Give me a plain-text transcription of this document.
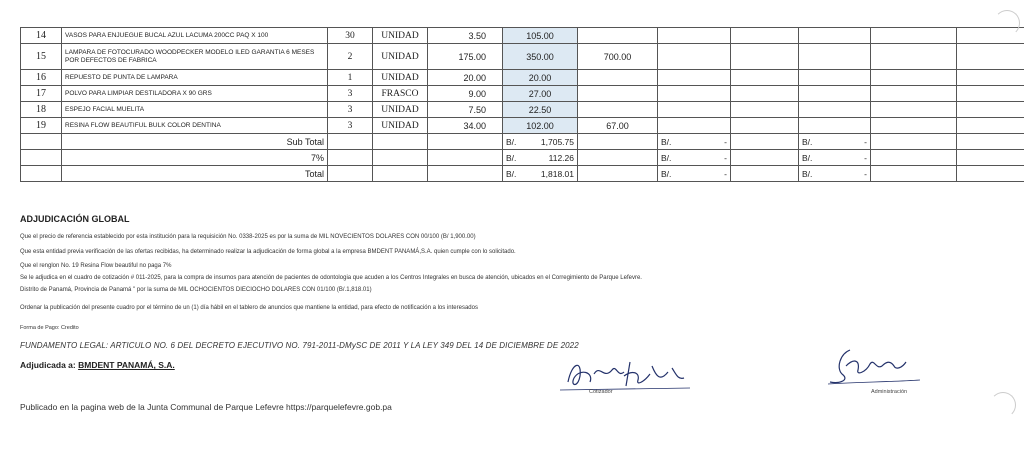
14	VASOS PARA ENJUEGUE BUCAL AZUL LACUMA 200CC PAQ X 100	30	UNIDAD	3.50	105.00						
15	LAMPARA DE FOTOCURADO WOODPECKER MODELO ILED GARANTIA 6 MESES POR DEFECTOS DE FABRICA	2	UNIDAD	175.00	350.00	700.00					
16	REPUESTO DE PUNTA DE LAMPARA	1	UNIDAD	20.00	20.00						
17	POLVO PARA LIMPIAR DESTILADORA X 90 GRS	3	FRASCO	9.00	27.00						
18	ESPEJO FACIAL MUELITA	3	UNIDAD	7.50	22.50						
19	RESINA FLOW BEAUTIFUL BULK COLOR DENTINA	3	UNIDAD	34.00	102.00	67.00					
	Sub Total				B/. 1,705.75		B/. -		B/. -		

	7%				B/. 112.26		B/. -		B/. -		

	Total				B/. 1,818.01		B/. -		B/. -		

ADJUDICACIÓN GLOBAL
Que el precio de referencia establecido por esta institución para la requisición No. 0338-2025 es por la suma de MIL NOVECIENTOS DOLARES CON 00/100 (B/ 1,900.00)
Que esta entidad previa verificación de las ofertas recibidas, ha determinado realizar la adjudicación de forma global a la empresa BMDENT PANAMÁ,S.A. quien cumple con lo solicitado.
Que el renglon No. 19 Resina Flow beautiful no paga 7%
Se le adjudica en el cuadro de cotización # 011-2025, para la compra de insumos para atención de pacientes de odontologia que acuden a los Centros Integrales en busca de atención, ubicados en el Corregimiento de Parque Lefevre.
Distrito de Panamá, Provincia de Panamá " por la suma de MIL OCHOCIENTOS DIECIOCHO DOLARES CON 01/100 (B/.1,818.01)
Ordenar la publicación del presente cuadro por el término de un (1) día hábil en el tablero de anuncios que mantiene la entidad, para efecto de notificación a los interesados
Forma de Pago: Credito
FUNDAMENTO LEGAL: ARTICULO NO. 6 DEL DECRETO EJECUTIVO NO. 791-2011-DMySC DE 2011 Y LA LEY 349 DEL 14 DE DICIEMBRE DE 2022
Adjudicada a: BMDENT PANAMÁ, S.A.
Publicado en la pagina web de la Junta Communal de Parque Lefevre https://parquelefevre.gob.pa
Cotizador	Administración
